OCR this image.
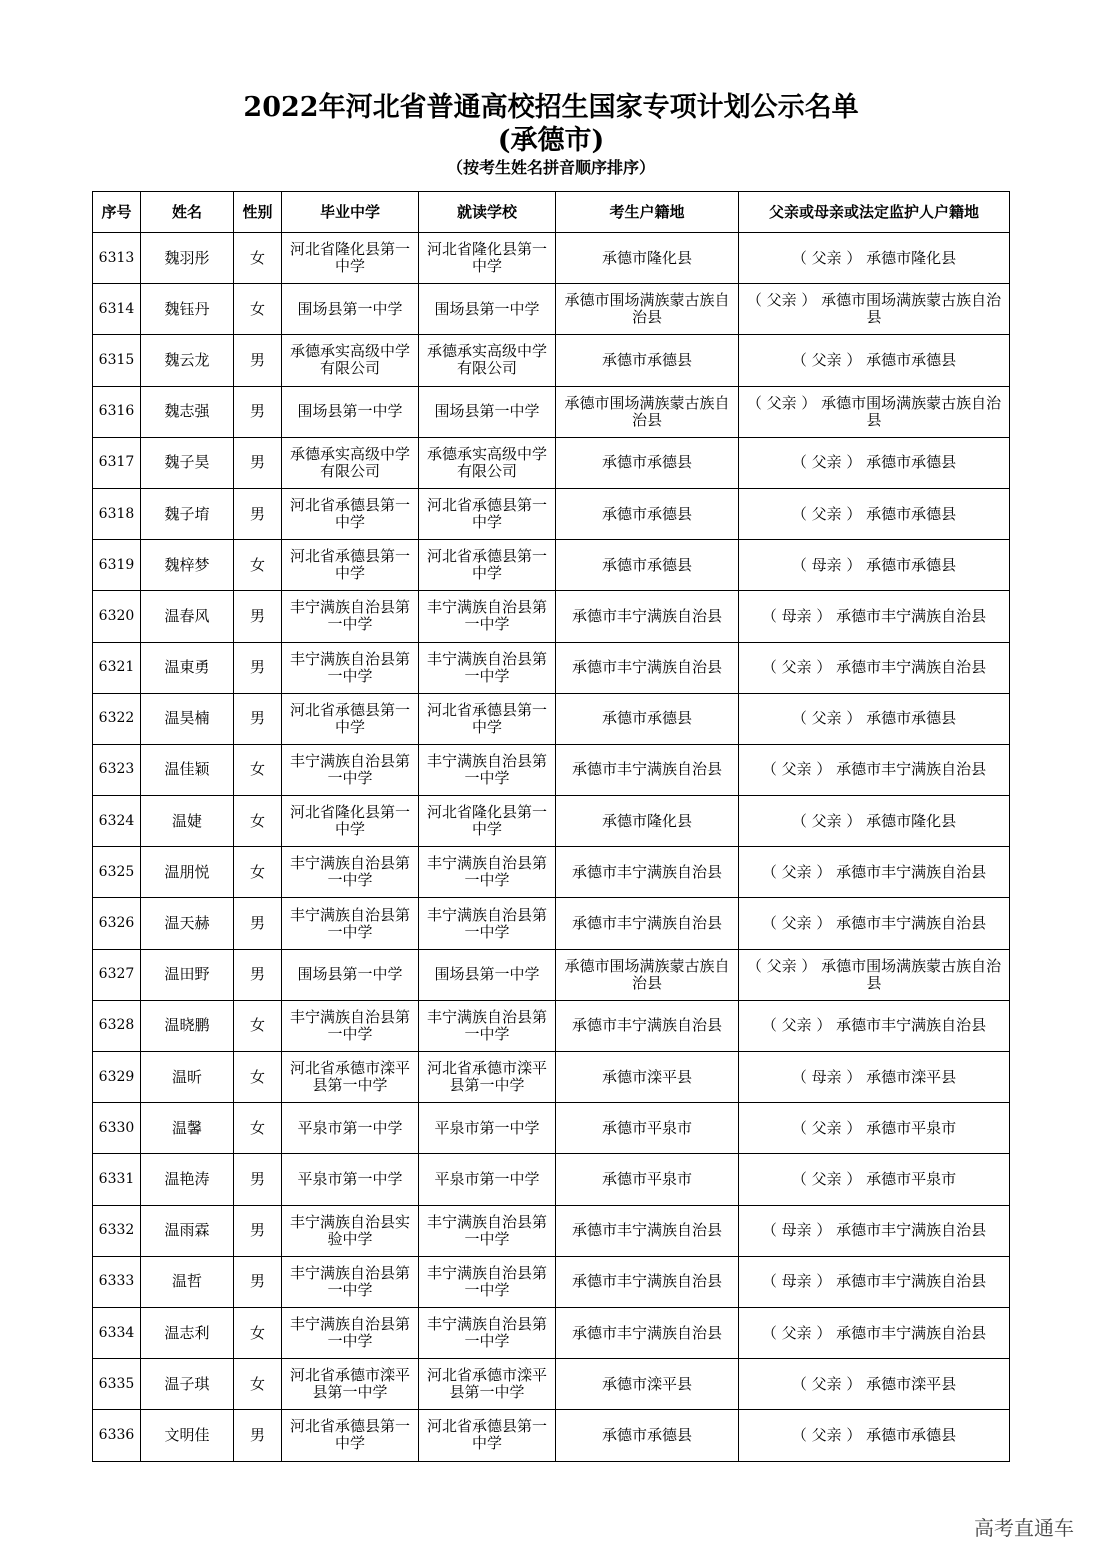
2022年河北省普通高校招生国家专项计划公示名单
(承德市)
（按考生姓名拼音顺序排序）
序号	姓名	性别	毕业中学	就读学校	考生户籍地	父亲或母亲或法定监护人户籍地
6313	魏羽彤	女	河北省隆化县第一中学	河北省隆化县第一中学	承德市隆化县	（ 父亲 ） 承德市隆化县
6314	魏钰丹	女	围场县第一中学	围场县第一中学	承德市围场满族蒙古族自治县	（ 父亲 ） 承德市围场满族蒙古族自治县
6315	魏云龙	男	承德承实高级中学有限公司	承德承实高级中学有限公司	承德市承德县	（ 父亲 ） 承德市承德县
6316	魏志强	男	围场县第一中学	围场县第一中学	承德市围场满族蒙古族自治县	（ 父亲 ） 承德市围场满族蒙古族自治县
6317	魏子昊	男	承德承实高级中学有限公司	承德承实高级中学有限公司	承德市承德县	（ 父亲 ） 承德市承德县
6318	魏子堉	男	河北省承德县第一中学	河北省承德县第一中学	承德市承德县	（ 父亲 ） 承德市承德县
6319	魏梓梦	女	河北省承德县第一中学	河北省承德县第一中学	承德市承德县	（ 母亲 ） 承德市承德县
6320	温春风	男	丰宁满族自治县第一中学	丰宁满族自治县第一中学	承德市丰宁满族自治县	（ 母亲 ） 承德市丰宁满族自治县
6321	温東勇	男	丰宁满族自治县第一中学	丰宁满族自治县第一中学	承德市丰宁满族自治县	（ 父亲 ） 承德市丰宁满族自治县
6322	温昊楠	男	河北省承德县第一中学	河北省承德县第一中学	承德市承德县	（ 父亲 ） 承德市承德县
6323	温佳颖	女	丰宁满族自治县第一中学	丰宁满族自治县第一中学	承德市丰宁满族自治县	（ 父亲 ） 承德市丰宁满族自治县
6324	温婕	女	河北省隆化县第一中学	河北省隆化县第一中学	承德市隆化县	（ 父亲 ） 承德市隆化县
6325	温朋悦	女	丰宁满族自治县第一中学	丰宁满族自治县第一中学	承德市丰宁满族自治县	（ 父亲 ） 承德市丰宁满族自治县
6326	温天赫	男	丰宁满族自治县第一中学	丰宁满族自治县第一中学	承德市丰宁满族自治县	（ 父亲 ） 承德市丰宁满族自治县
6327	温田野	男	围场县第一中学	围场县第一中学	承德市围场满族蒙古族自治县	（ 父亲 ） 承德市围场满族蒙古族自治县
6328	温晓鹏	女	丰宁满族自治县第一中学	丰宁满族自治县第一中学	承德市丰宁满族自治县	（ 父亲 ） 承德市丰宁满族自治县
6329	温昕	女	河北省承德市滦平县第一中学	河北省承德市滦平县第一中学	承德市滦平县	（ 母亲 ） 承德市滦平县
6330	温馨	女	平泉市第一中学	平泉市第一中学	承德市平泉市	（ 父亲 ） 承德市平泉市
6331	温艳涛	男	平泉市第一中学	平泉市第一中学	承德市平泉市	（ 父亲 ） 承德市平泉市
6332	温雨霖	男	丰宁满族自治县实验中学	丰宁满族自治县第一中学	承德市丰宁满族自治县	（ 母亲 ） 承德市丰宁满族自治县
6333	温哲	男	丰宁满族自治县第一中学	丰宁满族自治县第一中学	承德市丰宁满族自治县	（ 母亲 ） 承德市丰宁满族自治县
6334	温志利	女	丰宁满族自治县第一中学	丰宁满族自治县第一中学	承德市丰宁满族自治县	（ 父亲 ） 承德市丰宁满族自治县
6335	温子琪	女	河北省承德市滦平县第一中学	河北省承德市滦平县第一中学	承德市滦平县	（ 父亲 ） 承德市滦平县
6336	文明佳	男	河北省承德县第一中学	河北省承德县第一中学	承德市承德县	（ 父亲 ） 承德市承德县
高考直通车
